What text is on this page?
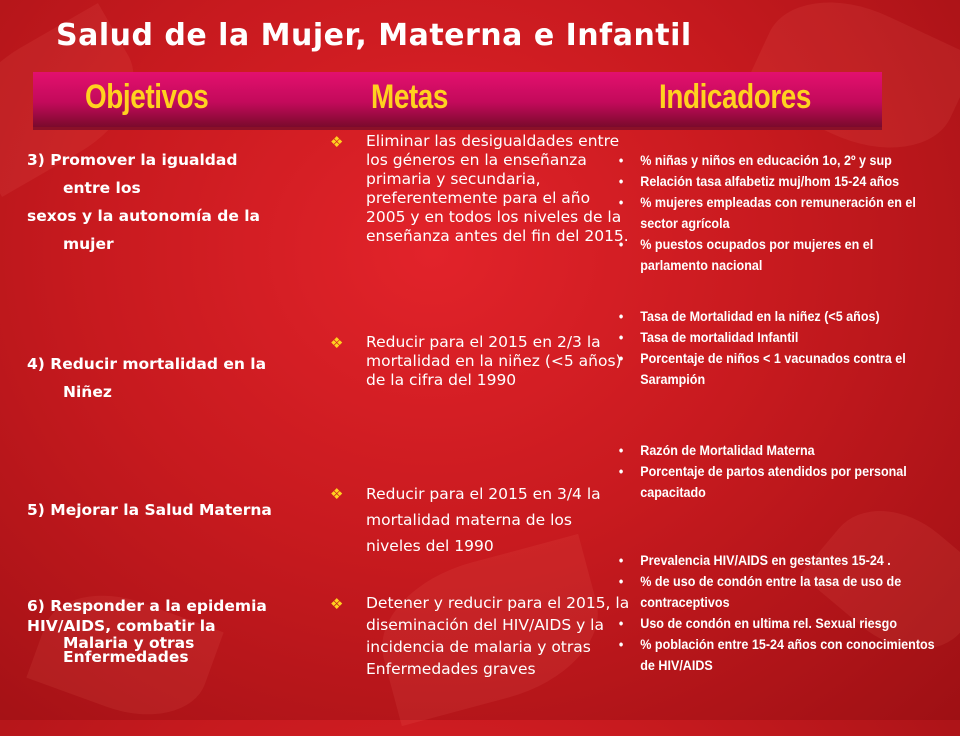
Salud de la Mujer, Materna e Infantil
Objetivos	Metas	Indicadores
3) Promover la igualdad
entre los
sexos y la autonomía de la
mujer
4) Reducir mortalidad en la
Niñez
5) Mejorar la Salud Materna
6) Responder a la epidemia
HIV/AIDS, combatir la
Malaria y otras
Enfermedades
❖ Eliminar las desigualdades entre los géneros en la enseñanza primaria y secundaria, preferentemente para el año 2005 y en todos los niveles de la enseñanza antes del fin del 2015.
❖ Reducir para el 2015 en 2/3 la mortalidad en la niñez (<5 años) de la cifra del 1990
❖ Reducir para el 2015 en 3/4 la mortalidad materna de los niveles del 1990
❖ Detener y reducir para el 2015, la diseminación del HIV/AIDS y la incidencia de malaria y otras Enfermedades graves
• % niñas y niños en educación 1o, 2º y sup
• Relación tasa alfabetiz muj/hom 15-24 años
• % mujeres empleadas con remuneración en el sector agrícola
• % puestos ocupados por mujeres en el parlamento nacional
• Tasa de Mortalidad en la niñez (<5 años)
• Tasa de mortalidad Infantil
• Porcentaje de niños < 1 vacunados contra el Sarampión
• Razón de Mortalidad Materna
• Porcentaje de partos atendidos por personal capacitado
• Prevalencia HIV/AIDS en gestantes 15-24 .
• % de uso de condón entre la tasa de uso de contraceptivos
• Uso de condón en ultima rel. Sexual riesgo
• % población entre 15-24 años con conocimientos de HIV/AIDS
